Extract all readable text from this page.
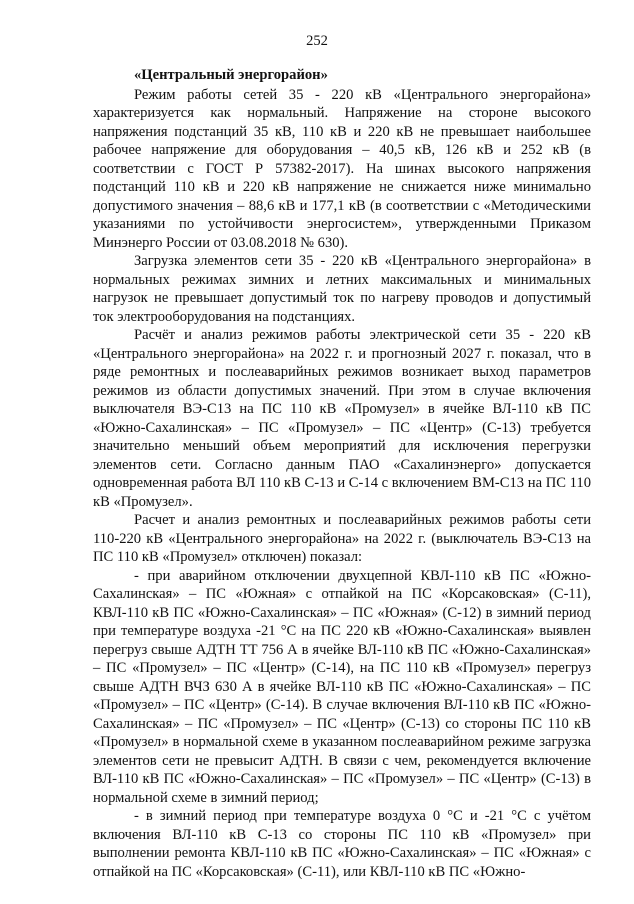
252
«Центральный энергорайон»

Режим работы сетей 35 - 220 кВ «Центрального энергорайона» характеризуется как нормальный. Напряжение на стороне высокого напряжения подстанций 35 кВ, 110 кВ и 220 кВ не превышает наибольшее рабочее напряжение для оборудования – 40,5 кВ, 126 кВ и 252 кВ (в соответствии с ГОСТ Р 57382-2017). На шинах высокого напряжения подстанций 110 кВ и 220 кВ напряжение не снижается ниже минимально допустимого значения – 88,6 кВ и 177,1 кВ (в соответствии с «Методическими указаниями по устойчивости энергосистем», утвержденными Приказом Минэнерго России от 03.08.2018 № 630).

Загрузка элементов сети 35 - 220 кВ «Центрального энергорайона» в нормальных режимах зимних и летних максимальных и минимальных нагрузок не превышает допустимый ток по нагреву проводов и допустимый ток электрооборудования на подстанциях.

Расчёт и анализ режимов работы электрической сети 35 - 220 кВ «Центрального энергорайона» на 2022 г. и прогнозный 2027 г. показал, что в ряде ремонтных и послеаварийных режимов возникает выход параметров режимов из области допустимых значений. При этом в случае включения выключателя ВЭ-С13 на ПС 110 кВ «Промузел» в ячейке ВЛ-110 кВ ПС «Южно-Сахалинская» – ПС «Промузел» – ПС «Центр» (С-13) требуется значительно меньший объем мероприятий для исключения перегрузки элементов сети. Согласно данным ПАО «Сахалинэнерго» допускается одновременная работа ВЛ 110 кВ С-13 и С-14 с включением ВМ-С13 на ПС 110 кВ «Промузел».

Расчет и анализ ремонтных и послеаварийных режимов работы сети 110-220 кВ «Центрального энергорайона» на 2022 г. (выключатель ВЭ-С13 на ПС 110 кВ «Промузел» отключен) показал:

- при аварийном отключении двухцепной КВЛ-110 кВ ПС «Южно-Сахалинская» – ПС «Южная» с отпайкой на ПС «Корсаковская» (С-11), КВЛ-110 кВ ПС «Южно-Сахалинская» – ПС «Южная» (С-12) в зимний период при температуре воздуха -21 °С на ПС 220 кВ «Южно-Сахалинская» выявлен перегруз свыше АДТН ТТ 756 А в ячейке ВЛ-110 кВ ПС «Южно-Сахалинская» – ПС «Промузел» – ПС «Центр» (С-14), на ПС 110 кВ «Промузел» перегруз свыше АДТН ВЧЗ 630 А в ячейке ВЛ-110 кВ ПС «Южно-Сахалинская» – ПС «Промузел» – ПС «Центр» (С-14). В случае включения ВЛ-110 кВ ПС «Южно-Сахалинская» – ПС «Промузел» – ПС «Центр» (С-13) со стороны ПС 110 кВ «Промузел» в нормальной схеме в указанном послеаварийном режиме загрузка элементов сети не превысит АДТН. В связи с чем, рекомендуется включение ВЛ-110 кВ ПС «Южно-Сахалинская» – ПС «Промузел» – ПС «Центр» (С-13) в нормальной схеме в зимний период;

- в зимний период при температуре воздуха 0 °С и -21 °С с учётом включения ВЛ-110 кВ С-13 со стороны ПС 110 кВ «Промузел» при выполнении ремонта КВЛ-110 кВ ПС «Южно-Сахалинская» – ПС «Южная» с отпайкой на ПС «Корсаковская» (С-11), или КВЛ-110 кВ ПС «Южно-
